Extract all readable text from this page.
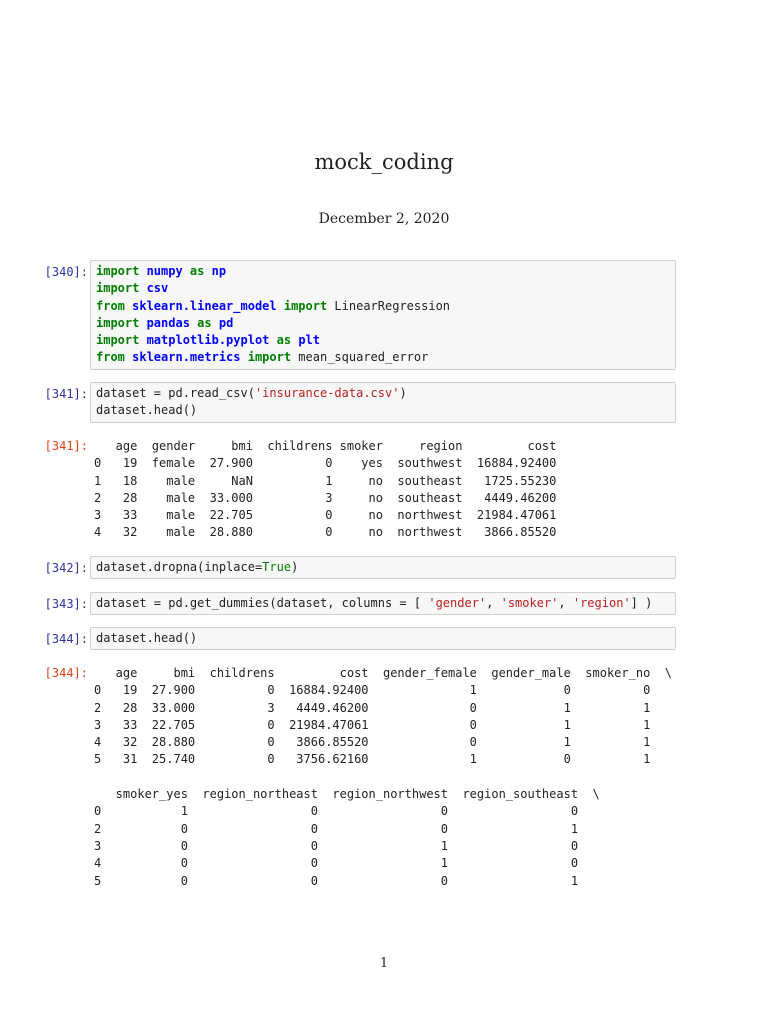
mock_coding
December 2, 2020
[340]: import numpy as np
import csv
from sklearn.linear_model import LinearRegression
import pandas as pd
import matplotlib.pyplot as plt
from sklearn.metrics import mean_squared_error
[341]: dataset = pd.read_csv('insurance-data.csv')
dataset.head()
[341]:	age  gender     bmi  childrens smoker     region         cost
0   19  female  27.900          0    yes  southwest  16884.92400
1   18    male     NaN          1     no  southeast   1725.55230
2   28    male  33.000          3     no  southeast   4449.46200
3   33    male  22.705          0     no  northwest  21984.47061
4   32    male  28.880          0     no  northwest   3866.85520
[342]: dataset.dropna(inplace=True)
[343]: dataset = pd.get_dummies(dataset, columns = [ 'gender', 'smoker', 'region'] )
[344]: dataset.head()
[344]:	age     bmi  childrens         cost  gender_female  gender_male  smoker_no  \
0   19  27.900          0  16884.92400              1            0          0
2   28  33.000          3   4449.46200              0            1          1
3   33  22.705          0  21984.47061              0            1          1
4   32  28.880          0   3866.85520              0            1          1
5   31  25.740          0   3756.62160              1            0          1

smoker_yes  region_northeast  region_northwest  region_southeast  \
0           1                 0                 0                 0
2           0                 0                 0                 1
3           0                 0                 1                 0
4           0                 0                 1                 0
5           0                 0                 0                 1
1
